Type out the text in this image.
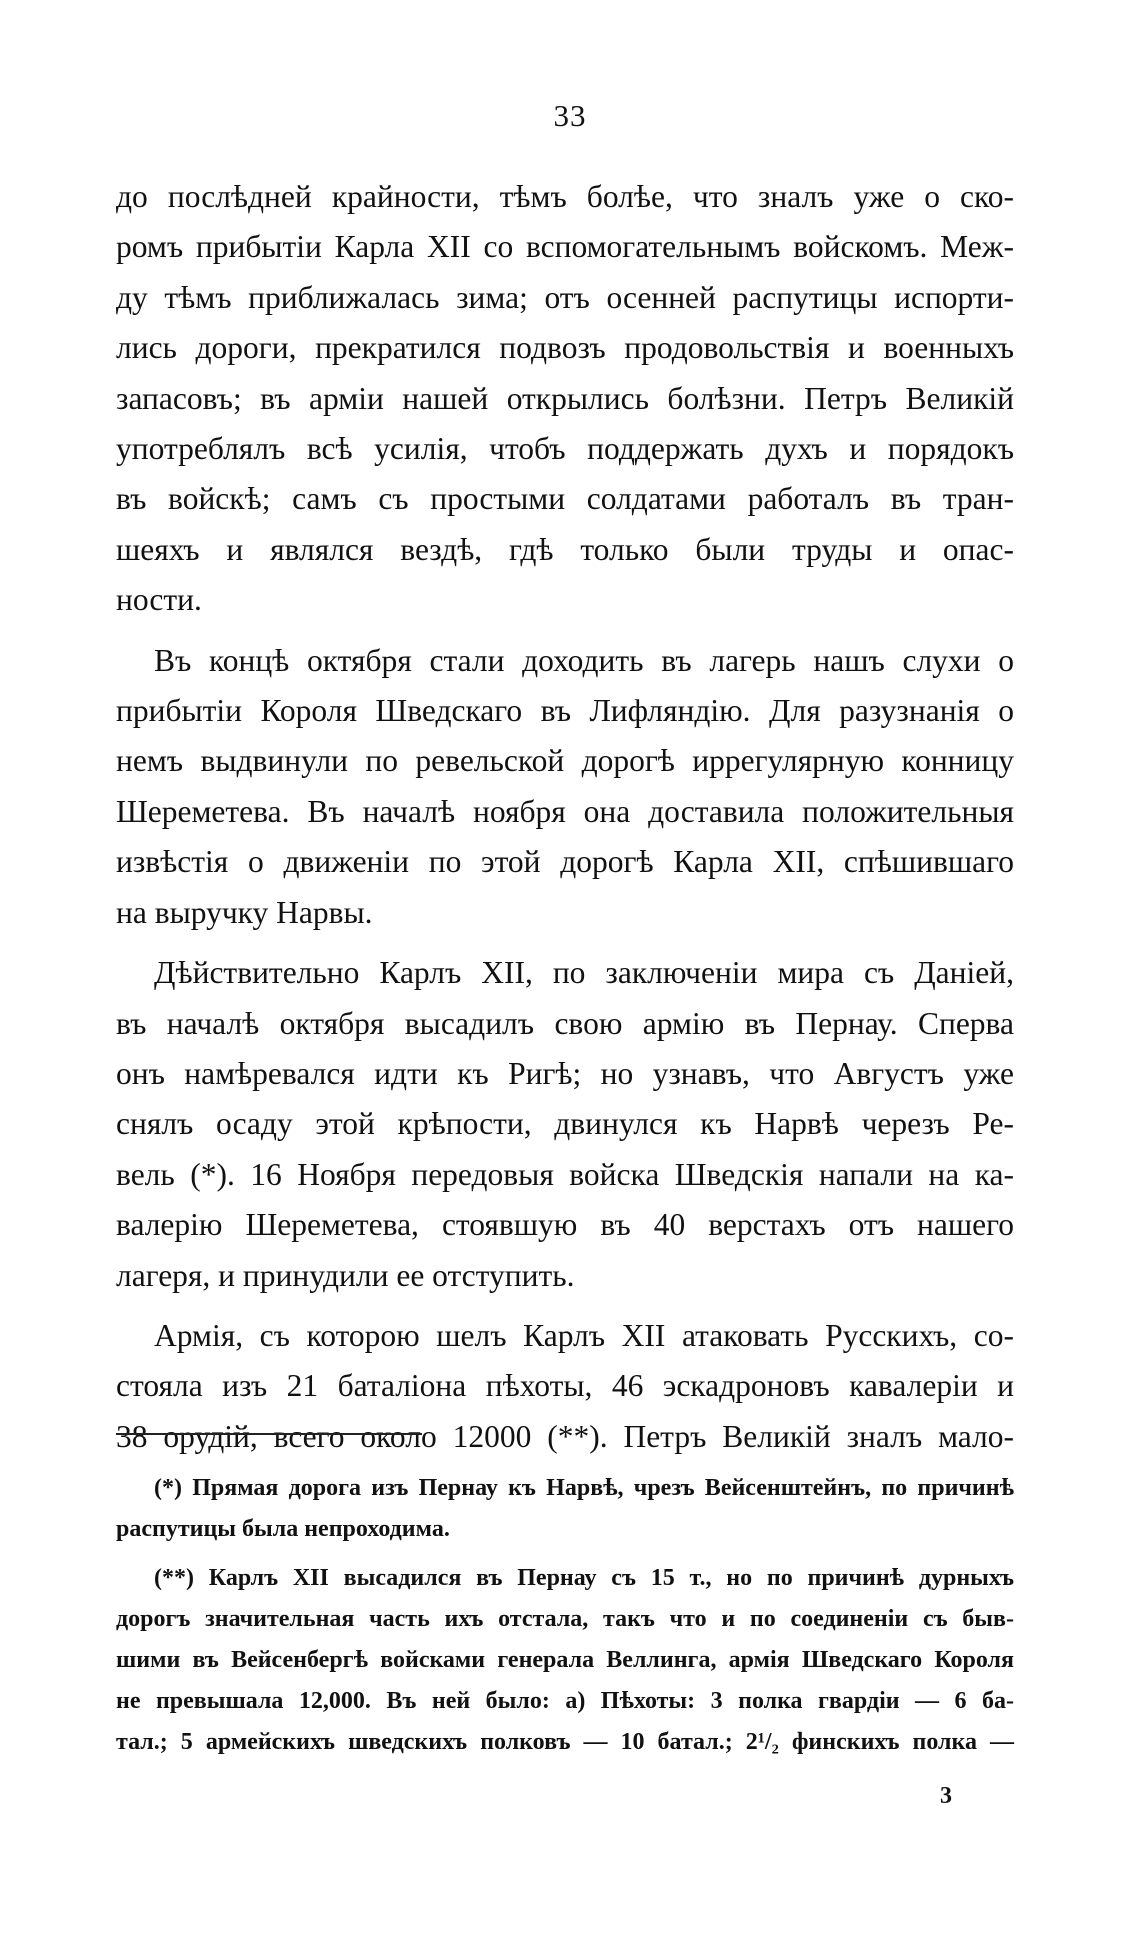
33
до послѣдней крайности, тѣмъ болѣе, что зналъ уже о ско-
ромъ прибытіи Карла XII со вспомогательнымъ войскомъ. Меж-
ду тѣмъ приближалась зима; отъ осенней распутицы испорти-
лись дороги, прекратился подвозъ продовольствія и военныхъ
запасовъ; въ арміи нашей открылись болѣзни. Петръ Великій
употреблялъ всѣ усилія, чтобъ поддержать духъ и порядокъ
въ войскѣ; самъ съ простыми солдатами работалъ въ тран-
шеяхъ и являлся вездѣ, гдѣ только были труды и опас-
ности.
Въ концѣ октября стали доходить въ лагерь нашъ слухи о
прибытіи Короля Шведскаго въ Лифляндію. Для разузнанія о
немъ выдвинули по ревельской дорогѣ иррегулярную конницу
Шереметева. Въ началѣ ноября она доставила положительныя
извѣстія о движеніи по этой дорогѣ Карла XII, спѣшившаго
на выручку Нарвы.
Дѣйствительно Карлъ XII, по заключеніи мира съ Даніей,
въ началѣ октября высадилъ свою армію въ Пернау. Сперва
онъ намѣревался идти къ Ригѣ; но узнавъ, что Августъ уже
снялъ осаду этой крѣпости, двинулся къ Нарвѣ черезъ Ре-
вель (*). 16 Ноября передовыя войска Шведскія напали на ка-
валерію Шереметева, стоявшую въ 40 верстахъ отъ нашего
лагеря, и принудили ее отступить.
Армія, съ которою шелъ Карлъ XII атаковать Русскихъ, со-
стояла изъ 21 баталіона пѣхоты, 46 эскадроновъ кавалеріи и
38 орудій, всего около 12000 (**). Петръ Великій зналъ мало-
(*) Прямая дорога изъ Пернау къ Нарвѣ, чрезъ Вейсенштейнъ, по причинѣ
распутицы была непроходима.
(**) Карлъ XII высадился въ Пернау съ 15 т., но по причинѣ дурныхъ
дорогъ значительная часть ихъ отстала, такъ что и по соединеніи съ быв-
шими въ Вейсенбергѣ войсками генерала Веллинга, армія Шведскаго Короля
не превышала 12,000. Въ ней было: а) Пѣхоты: 3 полка гвардіи — 6 ба-
тал.; 5 армейскихъ шведскихъ полковъ — 10 батал.; 2¹/₂ финскихъ полка —
3
